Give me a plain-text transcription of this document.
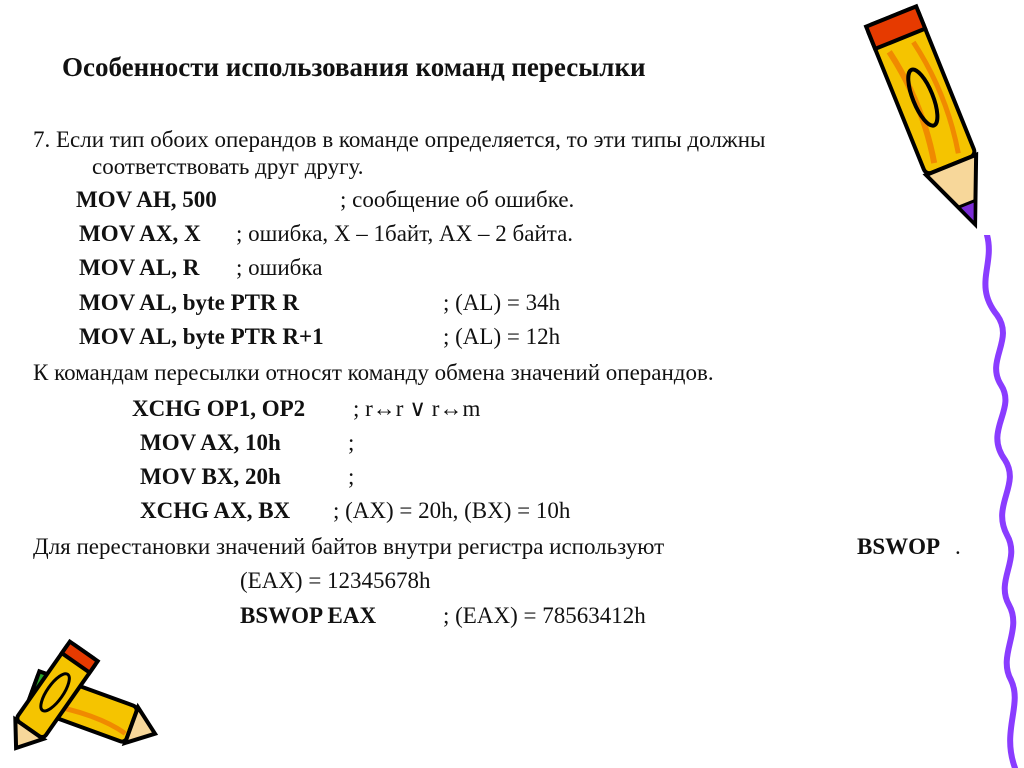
Особенности использования команд пересылки
7. Если тип обоих операндов в команде определяется, то эти типы должны
соответствовать друг другу.
MOV AH, 500	; сообщение об ошибке.
MOV AX, X ; ошибка, X – 1байт, AX – 2 байта.
MOV AL, R ; ошибка
MOV AL, byte PTR R	; (AL) = 34h
MOV AL, byte PTR R+1	; (AL) = 12h
К командам пересылки относят команду обмена значений операндов.
XCHG OP1, OP2 ; r↔r ∨ r↔m
MOV AX, 10h	;
MOV BX, 20h	;
XCHG AX, BX ; (AX) = 20h, (BX) = 10h
Для перестановки значений байтов внутри регистра используют	BSWOP .
(EAX) = 12345678h
BSWOP EAX	; (EAX) = 78563412h
